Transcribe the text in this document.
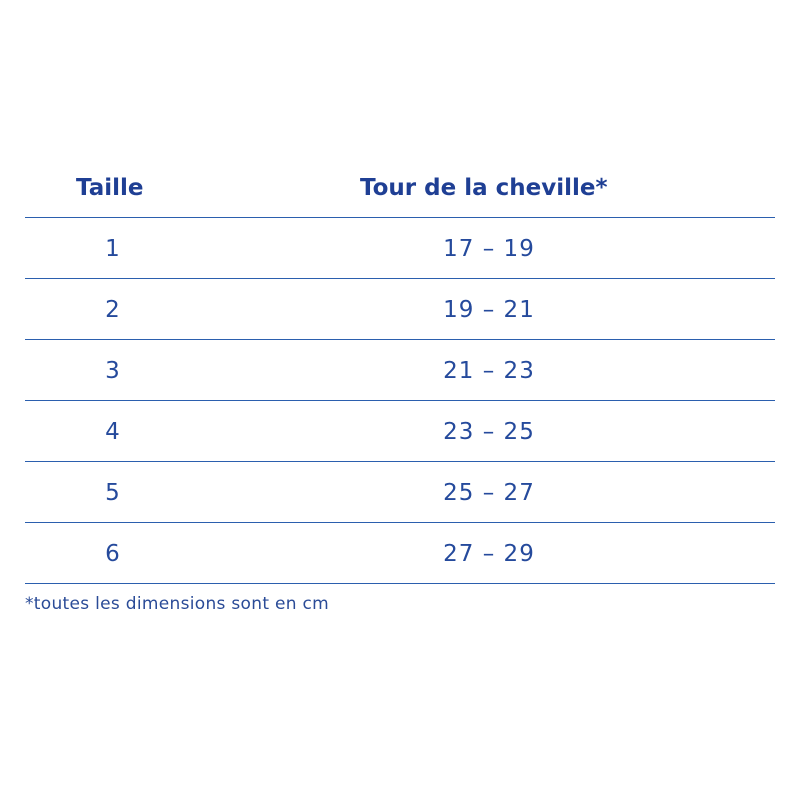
Taille	Tour de la cheville*
1	17 – 19
2	19 – 21
3	21 – 23
4	23 – 25
5	25 – 27
6	27 – 29
*toutes les dimensions sont en cm
